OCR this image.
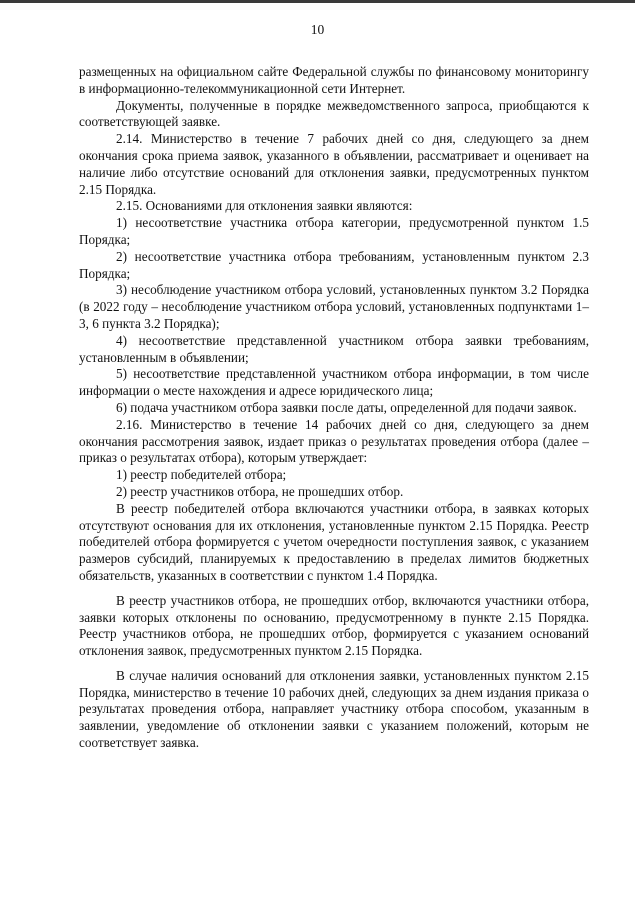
10

размещенных на официальном сайте Федеральной службы по финансовому мониторингу в информационно-телекоммуникационной сети Интернет.

Документы, полученные в порядке межведомственного запроса, приобщаются к соответствующей заявке.

2.14. Министерство в течение 7 рабочих дней со дня, следующего за днем окончания срока приема заявок, указанного в объявлении, рассматривает и оценивает на наличие либо отсутствие оснований для отклонения заявки, предусмотренных пунктом 2.15 Порядка.

2.15. Основаниями для отклонения заявки являются:

1) несоответствие участника отбора категории, предусмотренной пунктом 1.5 Порядка;

2) несоответствие участника отбора требованиям, установленным пунктом 2.3 Порядка;

3) несоблюдение участником отбора условий, установленных пунктом 3.2 Порядка (в 2022 году – несоблюдение участником отбора условий, установленных подпунктами 1–3, 6 пункта 3.2 Порядка);

4) несоответствие представленной участником отбора заявки требованиям, установленным в объявлении;

5) несоответствие представленной участником отбора информации, в том числе информации о месте нахождения и адресе юридического лица;

6) подача участником отбора заявки после даты, определенной для подачи заявок.

2.16. Министерство в течение 14 рабочих дней со дня, следующего за днем окончания рассмотрения заявок, издает приказ о результатах проведения отбора (далее – приказ о результатах отбора), которым утверждает:

1) реестр победителей отбора;

2) реестр участников отбора, не прошедших отбор.

В реестр победителей отбора включаются участники отбора, в заявках которых отсутствуют основания для их отклонения, установленные пунктом 2.15 Порядка. Реестр победителей отбора формируется с учетом очередности поступления заявок, с указанием размеров субсидий, планируемых к предоставлению в пределах лимитов бюджетных обязательств, указанных в соответствии с пунктом 1.4 Порядка.

В реестр участников отбора, не прошедших отбор, включаются участники отбора, заявки которых отклонены по основанию, предусмотренному в пункте 2.15 Порядка. Реестр участников отбора, не прошедших отбор, формируется с указанием оснований отклонения заявок, предусмотренных пунктом 2.15 Порядка.

В случае наличия оснований для отклонения заявки, установленных пунктом 2.15 Порядка, министерство в течение 10 рабочих дней, следующих за днем издания приказа о результатах проведения отбора, направляет участнику отбора способом, указанным в заявлении, уведомление об отклонении заявки с указанием положений, которым не соответствует заявка.
